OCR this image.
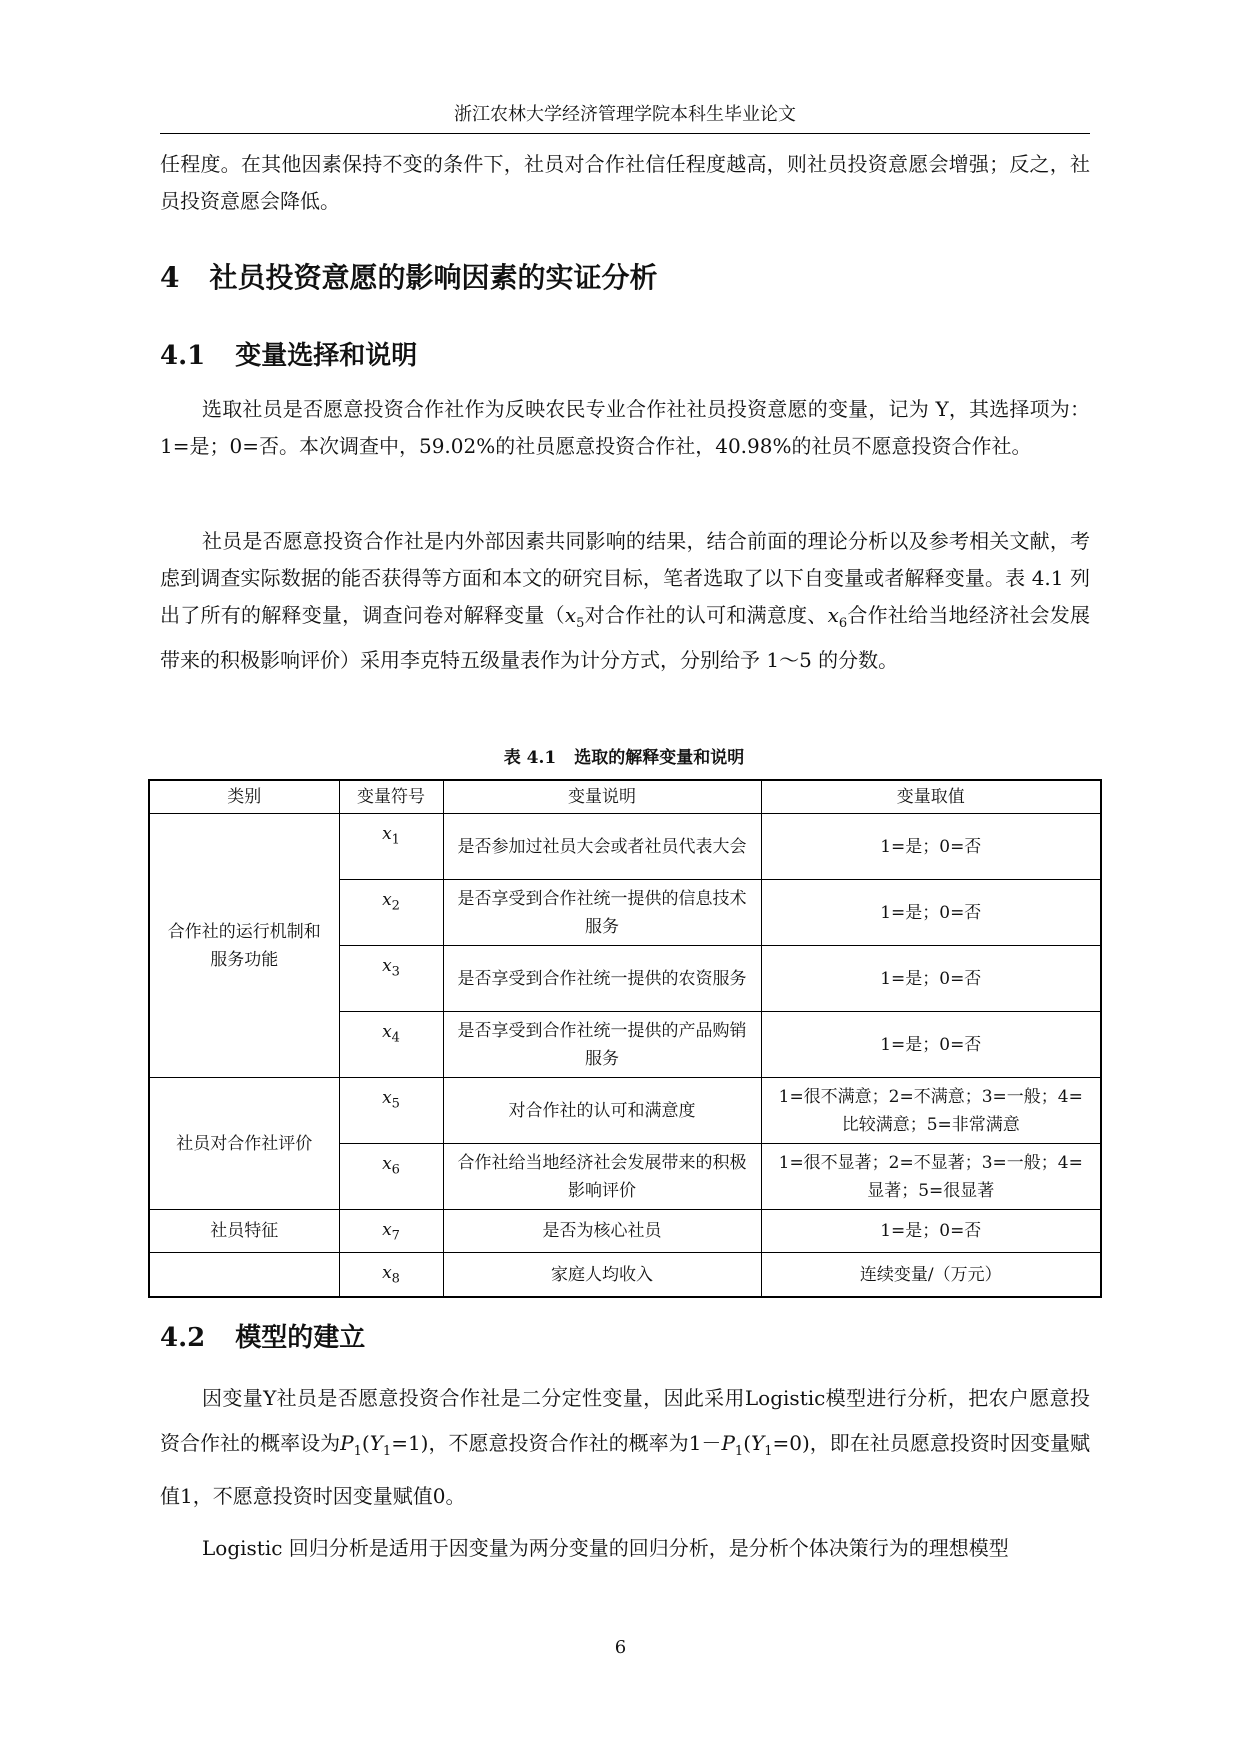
浙江农林大学经济管理学院本科生毕业论文

任程度。在其他因素保持不变的条件下，社员对合作社信任程度越高，则社员投资意愿会增强；反之，社员投资意愿会降低。

4 社员投资意愿的影响因素的实证分析
4.1 变量选择和说明

选取社员是否愿意投资合作社作为反映农民专业合作社社员投资意愿的变量，记为 Y，其选择项为：1=是；0=否。本次调查中，59.02%的社员愿意投资合作社，40.98%的社员不愿意投资合作社。

社员是否愿意投资合作社是内外部因素共同影响的结果，结合前面的理论分析以及参考相关文献，考虑到调查实际数据的能否获得等方面和本文的研究目标，笔者选取了以下自变量或者解释变量。表 4.1 列出了所有的解释变量，调查问卷对解释变量（$x_5$对合作社的认可和满意度、$x_6$合作社给当地经济社会发展带来的积极影响评价）采用李克特五级量表作为计分方式，分别给予 1～5 的分数。

表 4.1 选取的解释变量和说明
类别	变量符号	变量说明	变量取值
合作社的运行机制和服务功能	$x_1$	是否参加过社员大会或者社员代表大会	1=是；0=否
	$x_2$	是否享受到合作社统一提供的信息技术服务	1=是；0=否
	$x_3$	是否享受到合作社统一提供的农资服务	1=是；0=否
	$x_4$	是否享受到合作社统一提供的产品购销服务	1=是；0=否
社员对合作社评价	$x_5$	对合作社的认可和满意度	1=很不满意；2=不满意；3=一般；4=比较满意；5=非常满意
	$x_6$	合作社给当地经济社会发展带来的积极影响评价	1=很不显著；2=不显著；3=一般；4=显著；5=很显著
社员特征	$x_7$	是否为核心社员	1=是；0=否
	$x_8$	家庭人均收入	连续变量/（万元）
4.2 模型的建立

因变量Y社员是否愿意投资合作社是二分定性变量，因此采用Logistic模型进行分析，把农户愿意投资合作社的概率设为$P_1(Y_1=1)$，不愿意投资合作社的概率为$1-P_1(Y_1=0)$，即在社员愿意投资时因变量赋值1，不愿意投资时因变量赋值0。

Logistic 回归分析是适用于因变量为两分变量的回归分析，是分析个体决策行为的理想模型

6
